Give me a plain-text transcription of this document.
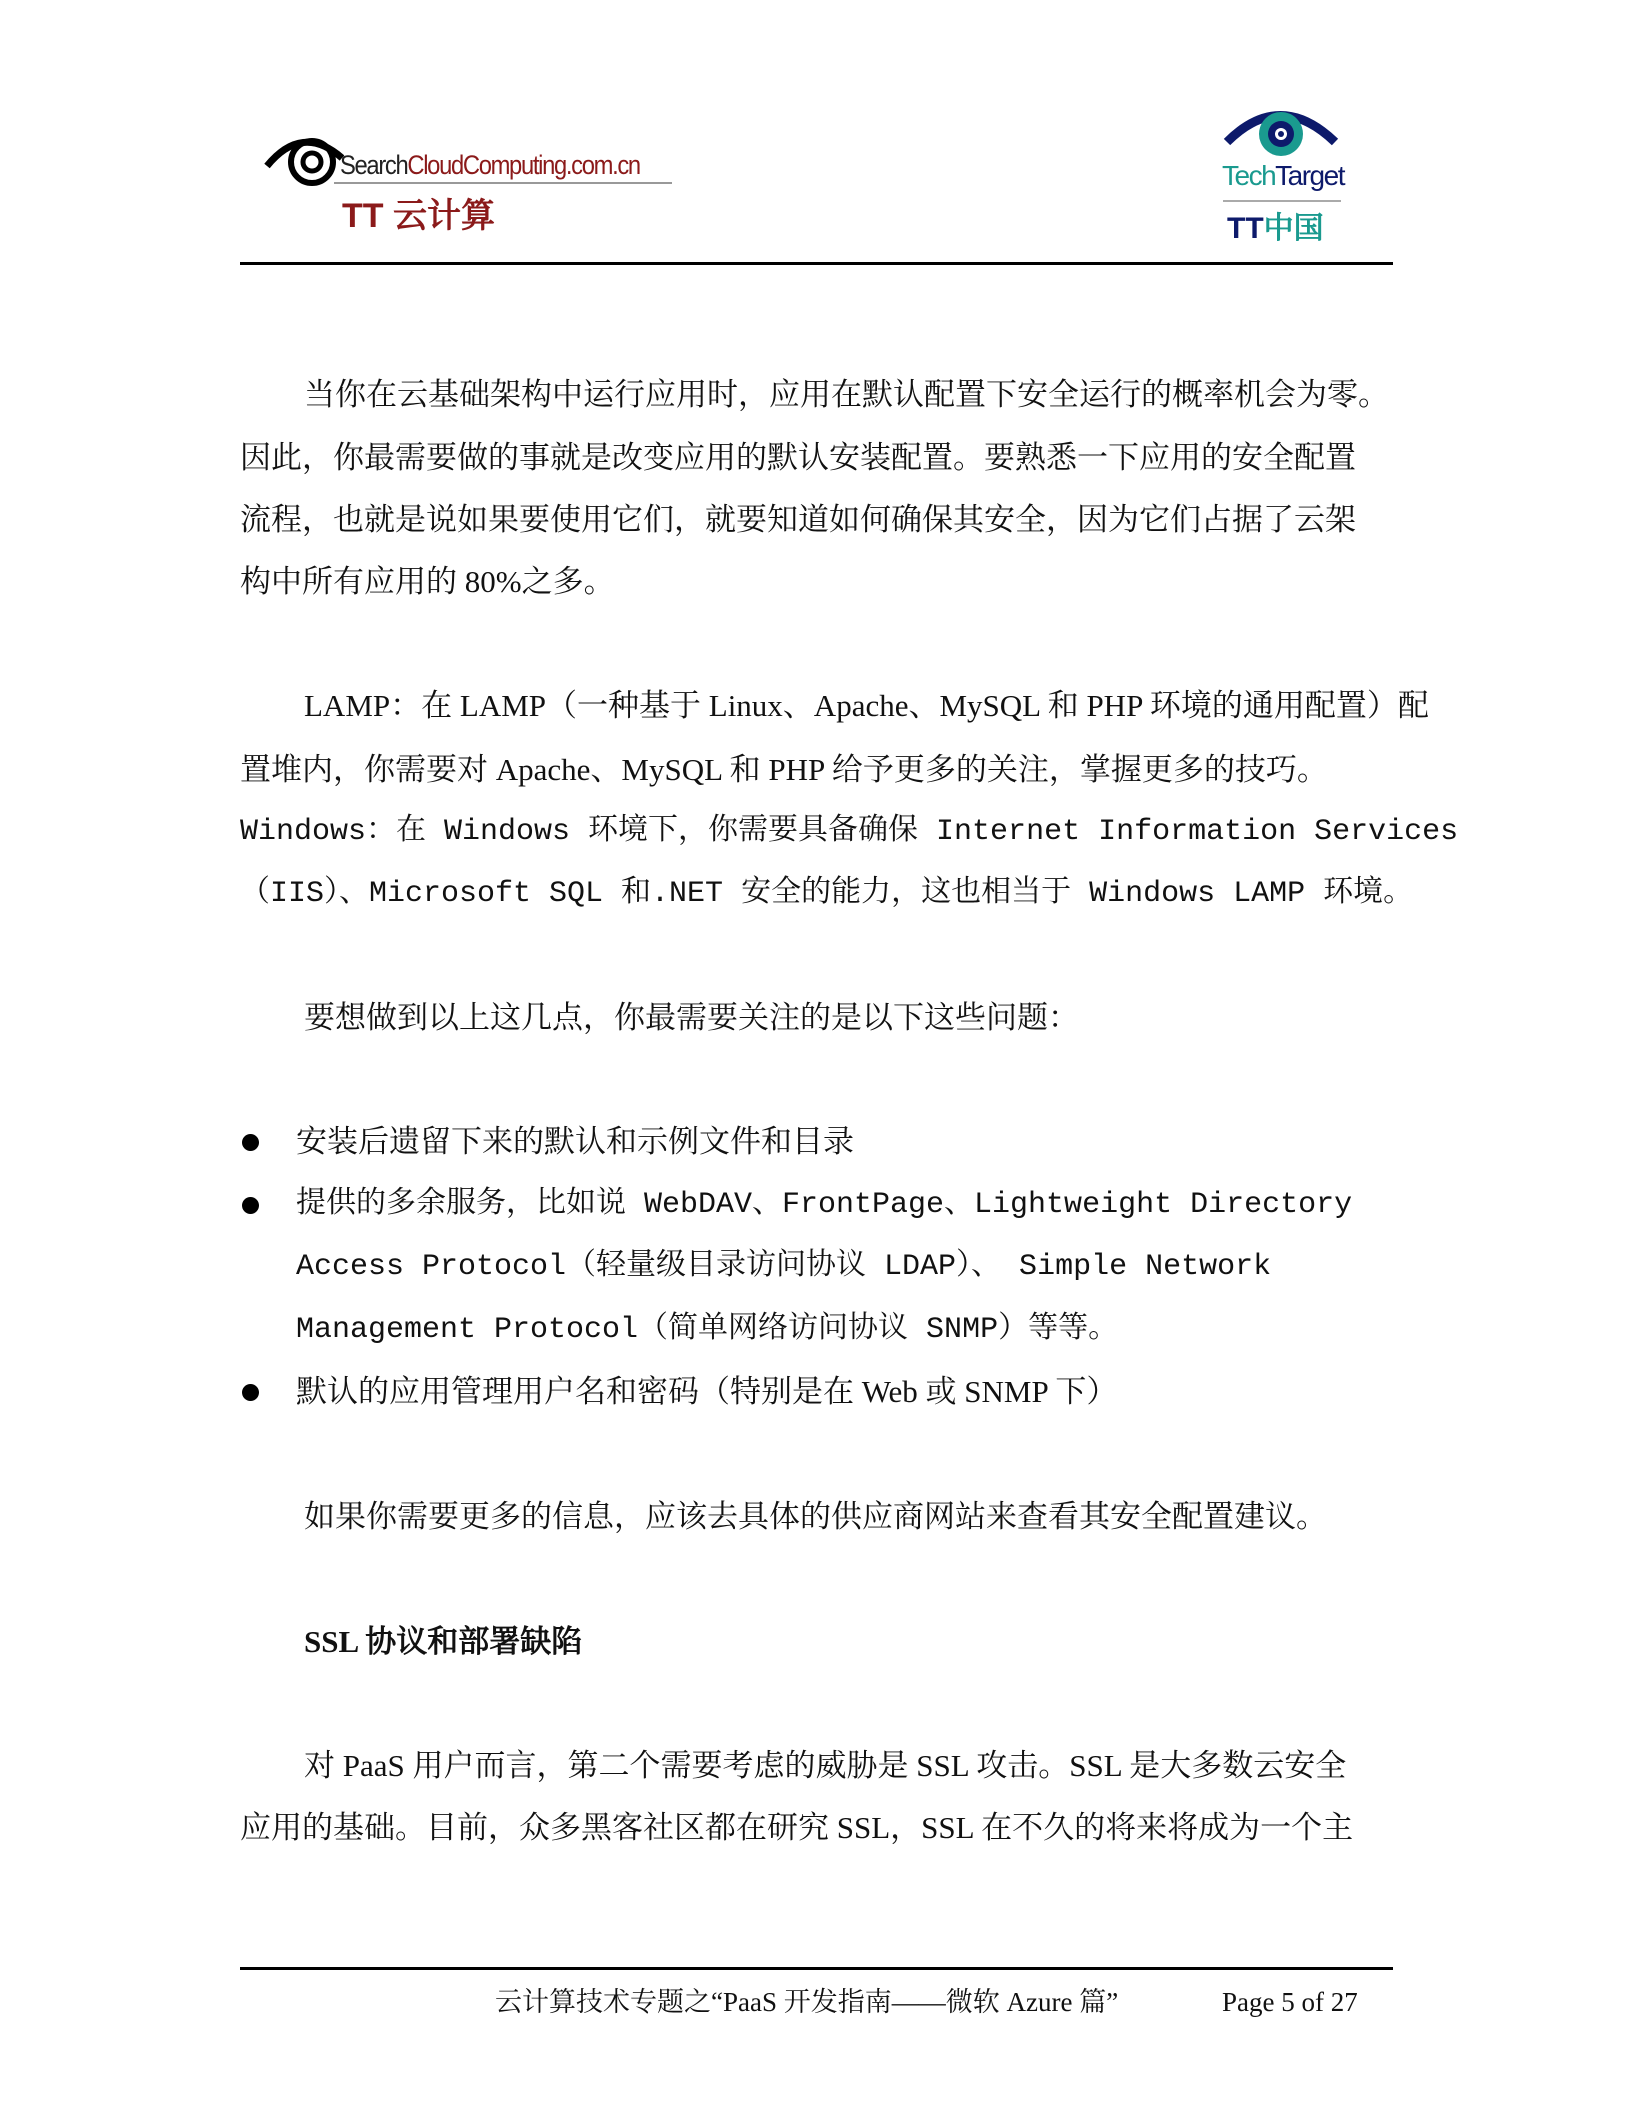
SearchCloudComputing.com.cn
TT 云计算
TechTarget
TT中国
当你在云基础架构中运行应用时，应用在默认配置下安全运行的概率机会为零。
因此，你最需要做的事就是改变应用的默认安装配置。要熟悉一下应用的安全配置
流程，也就是说如果要使用它们，就要知道如何确保其安全，因为它们占据了云架
构中所有应用的 80%之多。
LAMP：在 LAMP（一种基于 Linux、Apache、MySQL 和 PHP 环境的通用配置）配
置堆内，你需要对 Apache、MySQL 和 PHP 给予更多的关注，掌握更多的技巧。
Windows：在 Windows 环境下，你需要具备确保 Internet Information Services
（IIS）、Microsoft SQL 和.NET 安全的能力，这也相当于 Windows LAMP 环境。
要想做到以上这几点，你最需要关注的是以下这些问题：
安装后遗留下来的默认和示例文件和目录
提供的多余服务，比如说 WebDAV、FrontPage、Lightweight Directory
Access Protocol（轻量级目录访问协议 LDAP）、 Simple Network
Management Protocol（简单网络访问协议 SNMP）等等。
默认的应用管理用户名和密码（特别是在 Web 或 SNMP 下）
如果你需要更多的信息，应该去具体的供应商网站来查看其安全配置建议。
SSL 协议和部署缺陷
对 PaaS 用户而言，第二个需要考虑的威胁是 SSL 攻击。SSL 是大多数云安全
应用的基础。目前，众多黑客社区都在研究 SSL，SSL 在不久的将来将成为一个主
云计算技术专题之“PaaS 开发指南——微软 Azure 篇”	Page 5 of 27
